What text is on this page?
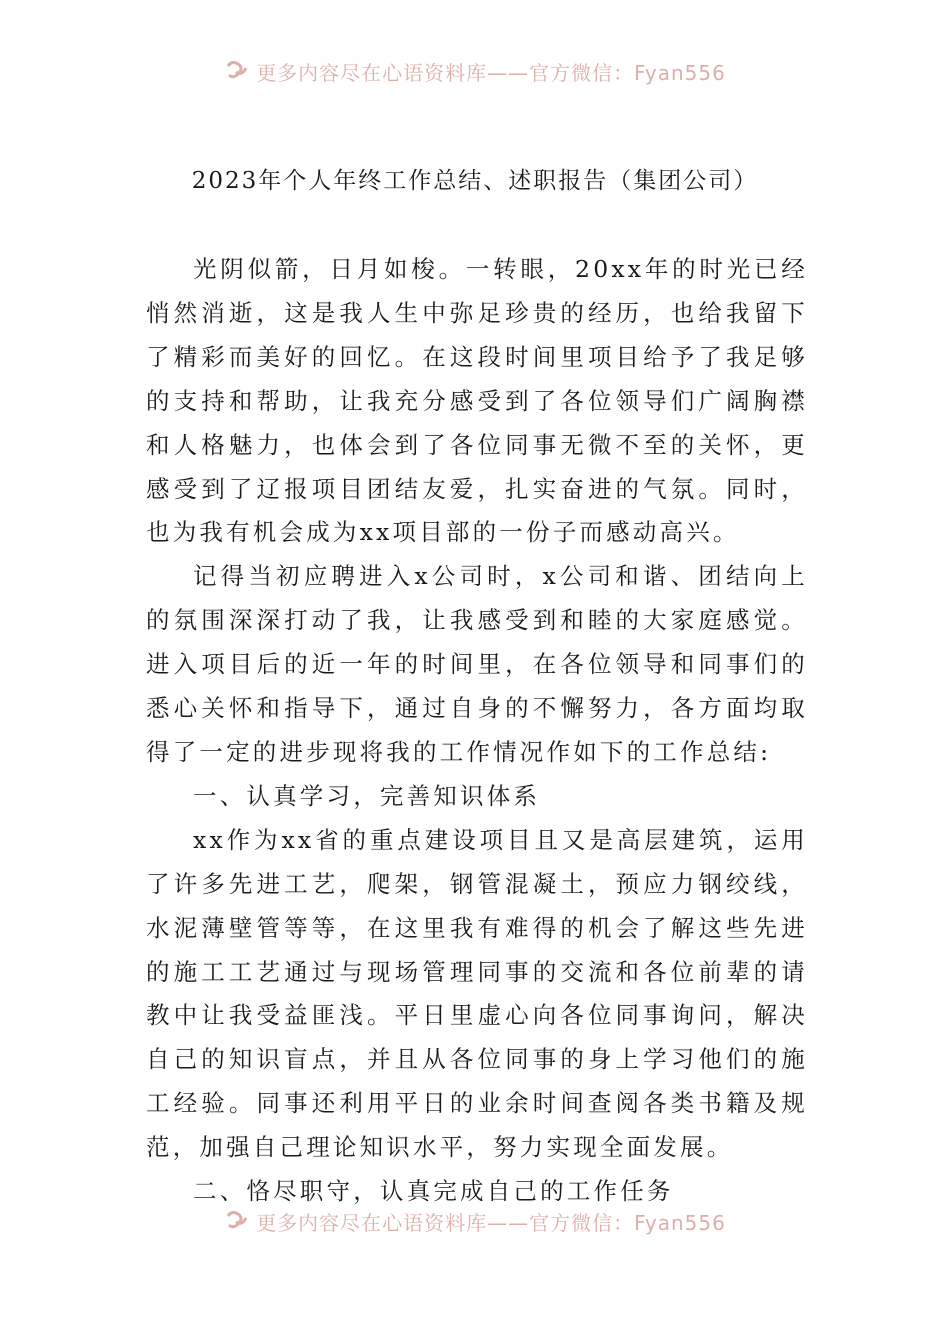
更多内容尽在心语资料库——官方微信：Fyan556
2023年个人年终工作总结、述职报告（集团公司）

光阴似箭，日月如梭。一转眼，20xx年的时光已经悄然消逝，这是我人生中弥足珍贵的经历，也给我留下了精彩而美好的回忆。在这段时间里项目给予了我足够的支持和帮助，让我充分感受到了各位领导们广阔胸襟和人格魅力，也体会到了各位同事无微不至的关怀，更感受到了辽报项目团结友爱，扎实奋进的气氛。同时，也为我有机会成为xx项目部的一份子而感动高兴。

记得当初应聘进入x公司时，x公司和谐、团结向上的氛围深深打动了我，让我感受到和睦的大家庭感觉。进入项目后的近一年的时间里，在各位领导和同事们的悉心关怀和指导下，通过自身的不懈努力，各方面均取得了一定的进步现将我的工作情况作如下的工作总结:

一、认真学习，完善知识体系

xx作为xx省的重点建设项目且又是高层建筑，运用了许多先进工艺，爬架，钢管混凝土，预应力钢绞线，水泥薄壁管等等，在这里我有难得的机会了解这些先进的施工工艺通过与现场管理同事的交流和各位前辈的请教中让我受益匪浅。平日里虚心向各位同事询问，解决自己的知识盲点，并且从各位同事的身上学习他们的施工经验。同事还利用平日的业余时间查阅各类书籍及规范，加强自己理论知识水平，努力实现全面发展。

二、恪尽职守，认真完成自己的工作任务

更多内容尽在心语资料库——官方微信：Fyan556
